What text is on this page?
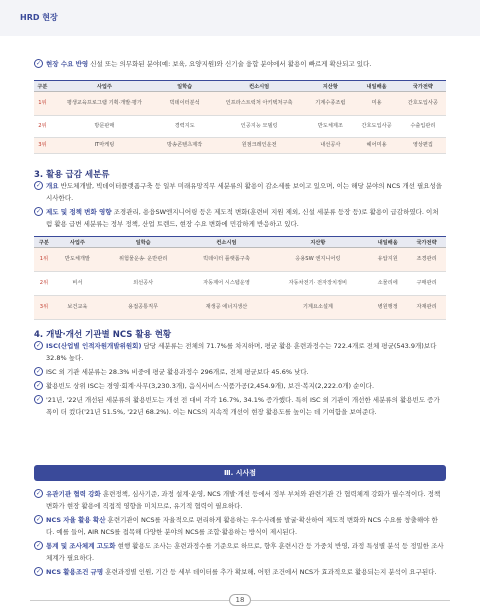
HRD 현장
✓ 현장 수요 반영 신설 또는 의무화된 분야(예: 보육, 요양지원)와 신기술 융합 분야에서 활용이 빠르게 확산되고 있다.
구분	사업주	일학습	컨소시엄	지산항	내일배움	국가전략
1위	평생교육프로그램 기획·개발·평가	빅데이터분석	인프라스트럭처 아키텍처구축	기계수종조립	미용	간호도입사공
2위	방문판매	경력지도	인공지능 모델링	반도체제조	간호도입사공	수출입관리
3위	IT마케팅	방송콘텐츠제작	원점크레인운전	내선공사	헤어미용	영상편집
3. 활용 급감 세분류
✓ 개요 반도체개발, 빅데이터플랫폼구축 등 일부 미래유망직무 세분류의 활용이 감소세를 보이고 있으며, 이는 해당 분야의 NCS 개선 필요성을 시사한다.
✓ 제도 및 정책 변화 영향 조경관리, 용융SW엔지니어링 등은 제도적 변화(훈련비 지원 제외, 신설 세분류 등장 등)로 활용이 급감하였다. 이처럼 활용 급변 세분류는 정부 정책, 산업 트렌드, 현장 수요 변화에 민감하게 반응하고 있다.
구분	사업주	일학습	컨소시엄	지산항	내일배움	국가전략
1위	반도체개발	위험물운송· 운반관리	빅데이터 플랫폼구축	응용SW 엔지니어링	유압지원	조경관리
2위	비서	외선공사	자동제어 시스템운영	자동차전기· 전자장치정비	소물리에	구매관리
3위	보건교육	용접공통직무	재생공 에너지생산	기계요소설계	병원행정	자재관리
4. 개발·개선 기관별 NCS 활용 현황
✓ ISC(산업별 인적자원개발위원회) 담당 세분류는 전체의 71.7%를 차지하며, 평균 활용 훈련과정수는 722.4개로 전체 평균(543.9개)보다 32.8% 높다.
✓ ISC 외 기관 세분류는 28.3% 비중에 평균 활용과정수 296개로, 전체 평균보다 45.6% 낮다.
✓ 활용빈도 상위 ISC는 경영·회계·사무(3,230.3개), 음식서비스·식품가공(2,454.9개), 보건·복지(2,222.0개) 순이다.
✓ '21년, '22년 개선된 세분류의 활용빈도는 개선 전 대비 각각 16.7%, 34.1% 증가했다. 특히 ISC 외 기관이 개선한 세분류의 활용빈도 증가 폭이 더 컸다('21년 51.5%, '22년 68.2%). 이는 NCS의 지속적 개선이 현장 활용도를 높이는 데 기여함을 보여준다.
Ⅲ. 시사점
✓ 유관기관 협력 강화 훈련정책, 심사기준, 과정 설계·운영, NCS 개발·개선 등에서 정부 부처와 관련기관 간 협력체계 강화가 필수적이다. 정책 변화가 현장 활용에 직접적 영향을 미치므로, 유기적 협력이 필요하다.
✓ NCS 자율 활용 확산 훈련기관이 NCS를 자율적으로 편리하게 활용하는 우수사례를 발굴·확산하여 제도적 변화와 NCS 수요를 창출해야 한다. 예를 들어, AIR NCS를 접목해 다양한 분야의 NCS를 조합·활용하는 방식이 제시된다.
✓ 통계 및 조사체계 고도화 현행 활용도 조사는 훈련과정수를 기준으로 하므로, 향후 훈련시간 등 가중치 반영, 과정 특성별 분석 등 정밀한 조사체계가 필요하다.
✓ NCS 활용조건 규명 훈련과정별 인원, 기간 등 세부 데이터를 추가 확보해, 어떤 조건에서 NCS가 효과적으로 활용되는지 분석이 요구된다.
18
